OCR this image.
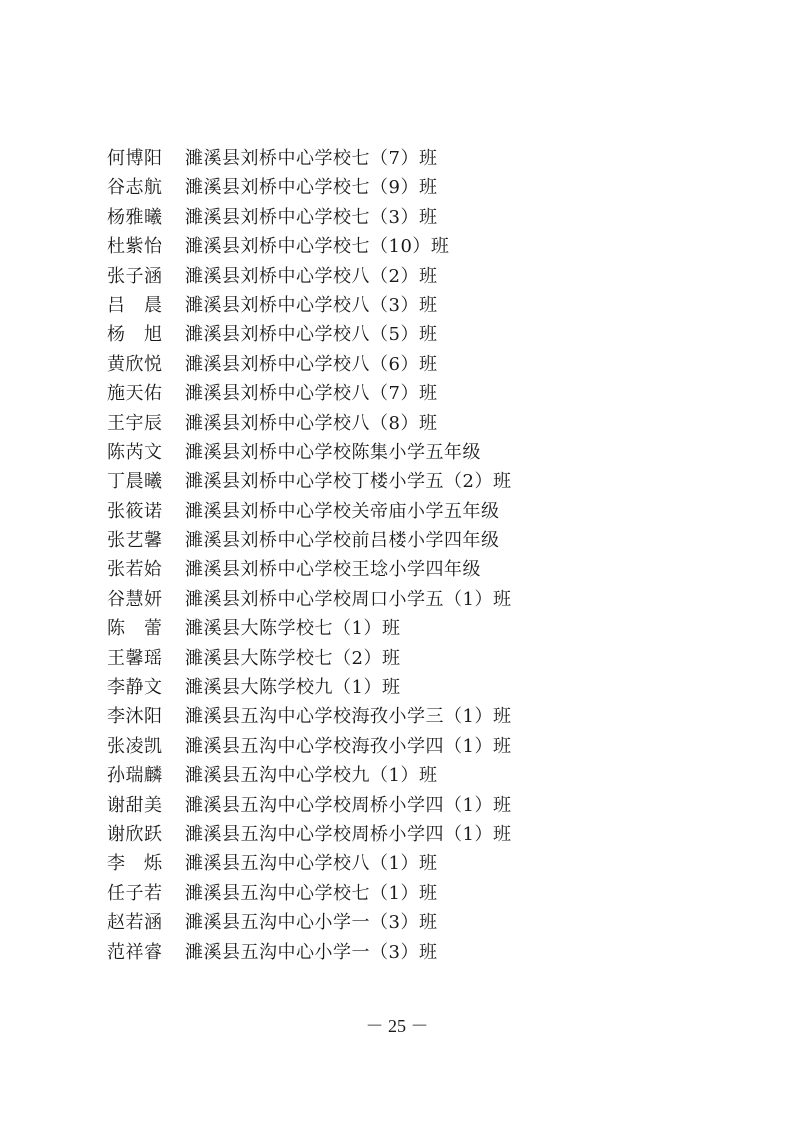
何博阳	濉溪县刘桥中心学校七（7）班
谷志航	濉溪县刘桥中心学校七（9）班
杨雅曦	濉溪县刘桥中心学校七（3）班
杜紫怡	濉溪县刘桥中心学校七（10）班
张子涵	濉溪县刘桥中心学校八（2）班
吕　晨	濉溪县刘桥中心学校八（3）班
杨　旭	濉溪县刘桥中心学校八（5）班
黄欣悦	濉溪县刘桥中心学校八（6）班
施天佑	濉溪县刘桥中心学校八（7）班
王宇辰	濉溪县刘桥中心学校八（8）班
陈芮文	濉溪县刘桥中心学校陈集小学五年级
丁晨曦	濉溪县刘桥中心学校丁楼小学五（2）班
张筱诺	濉溪县刘桥中心学校关帝庙小学五年级
张艺馨	濉溪县刘桥中心学校前吕楼小学四年级
张若姶	濉溪县刘桥中心学校王埝小学四年级
谷慧妍	濉溪县刘桥中心学校周口小学五（1）班
陈　蕾	濉溪县大陈学校七（1）班
王馨瑶	濉溪县大陈学校七（2）班
李静文	濉溪县大陈学校九（1）班
李沐阳	濉溪县五沟中心学校海孜小学三（1）班
张凌凯	濉溪县五沟中心学校海孜小学四（1）班
孙瑞麟	濉溪县五沟中心学校九（1）班
谢甜美	濉溪县五沟中心学校周桥小学四（1）班
谢欣跃	濉溪县五沟中心学校周桥小学四（1）班
李　烁	濉溪县五沟中心学校八（1）班
任子若	濉溪县五沟中心学校七（1）班
赵若涵	濉溪县五沟中心小学一（3）班
范祥睿	濉溪县五沟中心小学一（3）班
－ 25 －
